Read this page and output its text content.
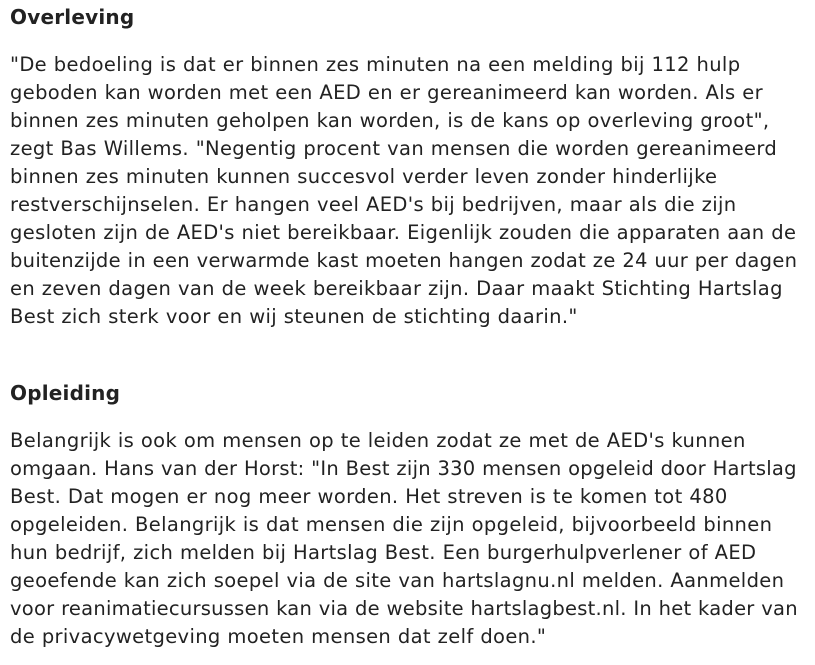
Overleving

"De bedoeling is dat er binnen zes minuten na een melding bij 112 hulp
geboden kan worden met een AED en er gereanimeerd kan worden. Als er
binnen zes minuten geholpen kan worden, is de kans op overleving groot",
zegt Bas Willems. "Negentig procent van mensen die worden gereanimeerd
binnen zes minuten kunnen succesvol verder leven zonder hinderlijke
restverschijnselen. Er hangen veel AED's bij bedrijven, maar als die zijn
gesloten zijn de AED's niet bereikbaar. Eigenlijk zouden die apparaten aan de
buitenzijde in een verwarmde kast moeten hangen zodat ze 24 uur per dagen
en zeven dagen van de week bereikbaar zijn. Daar maakt Stichting Hartslag
Best zich sterk voor en wij steunen de stichting daarin."

Opleiding

Belangrijk is ook om mensen op te leiden zodat ze met de AED's kunnen
omgaan. Hans van der Horst: "In Best zijn 330 mensen opgeleid door Hartslag
Best. Dat mogen er nog meer worden. Het streven is te komen tot 480
opgeleiden. Belangrijk is dat mensen die zijn opgeleid, bijvoorbeeld binnen
hun bedrijf, zich melden bij Hartslag Best. Een burgerhulpverlener of AED
geoefende kan zich soepel via de site van hartslagnu.nl melden. Aanmelden
voor reanimatiecursussen kan via de website hartslagbest.nl. In het kader van
de privacywetgeving moeten mensen dat zelf doen."
